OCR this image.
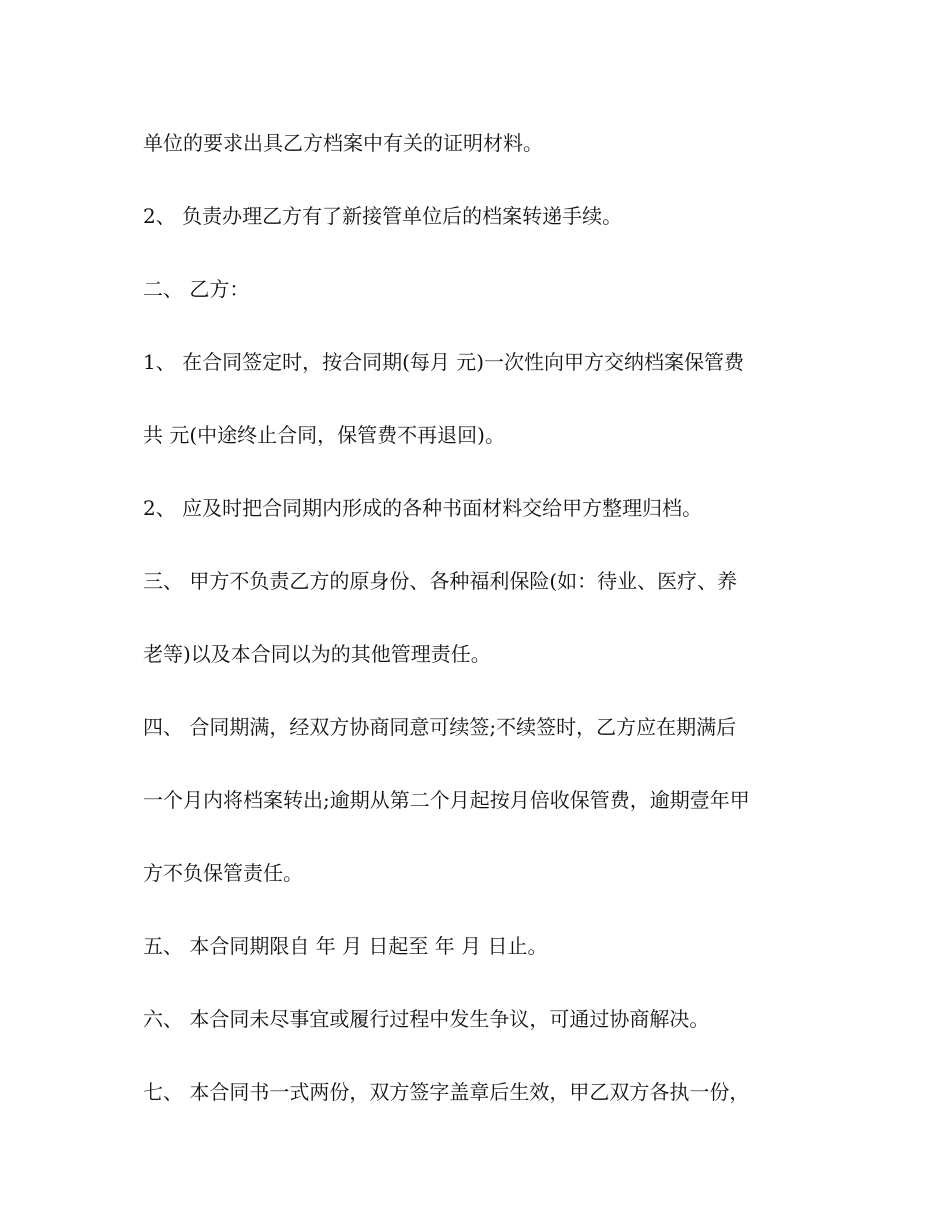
单位的要求出具乙方档案中有关的证明材料。

2、 负责办理乙方有了新接管单位后的档案转递手续。

二、 乙方：

1、 在合同签定时，按合同期(每月 元)一次性向甲方交纳档案保管费

共 元(中途终止合同，保管费不再退回)。

2、 应及时把合同期内形成的各种书面材料交给甲方整理归档。

三、 甲方不负责乙方的原身份、各种福利保险(如：待业、医疗、养

老等)以及本合同以为的其他管理责任。

四、 合同期满，经双方协商同意可续签;不续签时，乙方应在期满后

一个月内将档案转出;逾期从第二个月起按月倍收保管费，逾期壹年甲

方不负保管责任。

五、 本合同期限自 年 月 日起至 年 月 日止。

六、 本合同未尽事宜或履行过程中发生争议，可通过协商解决。

七、 本合同书一式两份，双方签字盖章后生效，甲乙双方各执一份，
